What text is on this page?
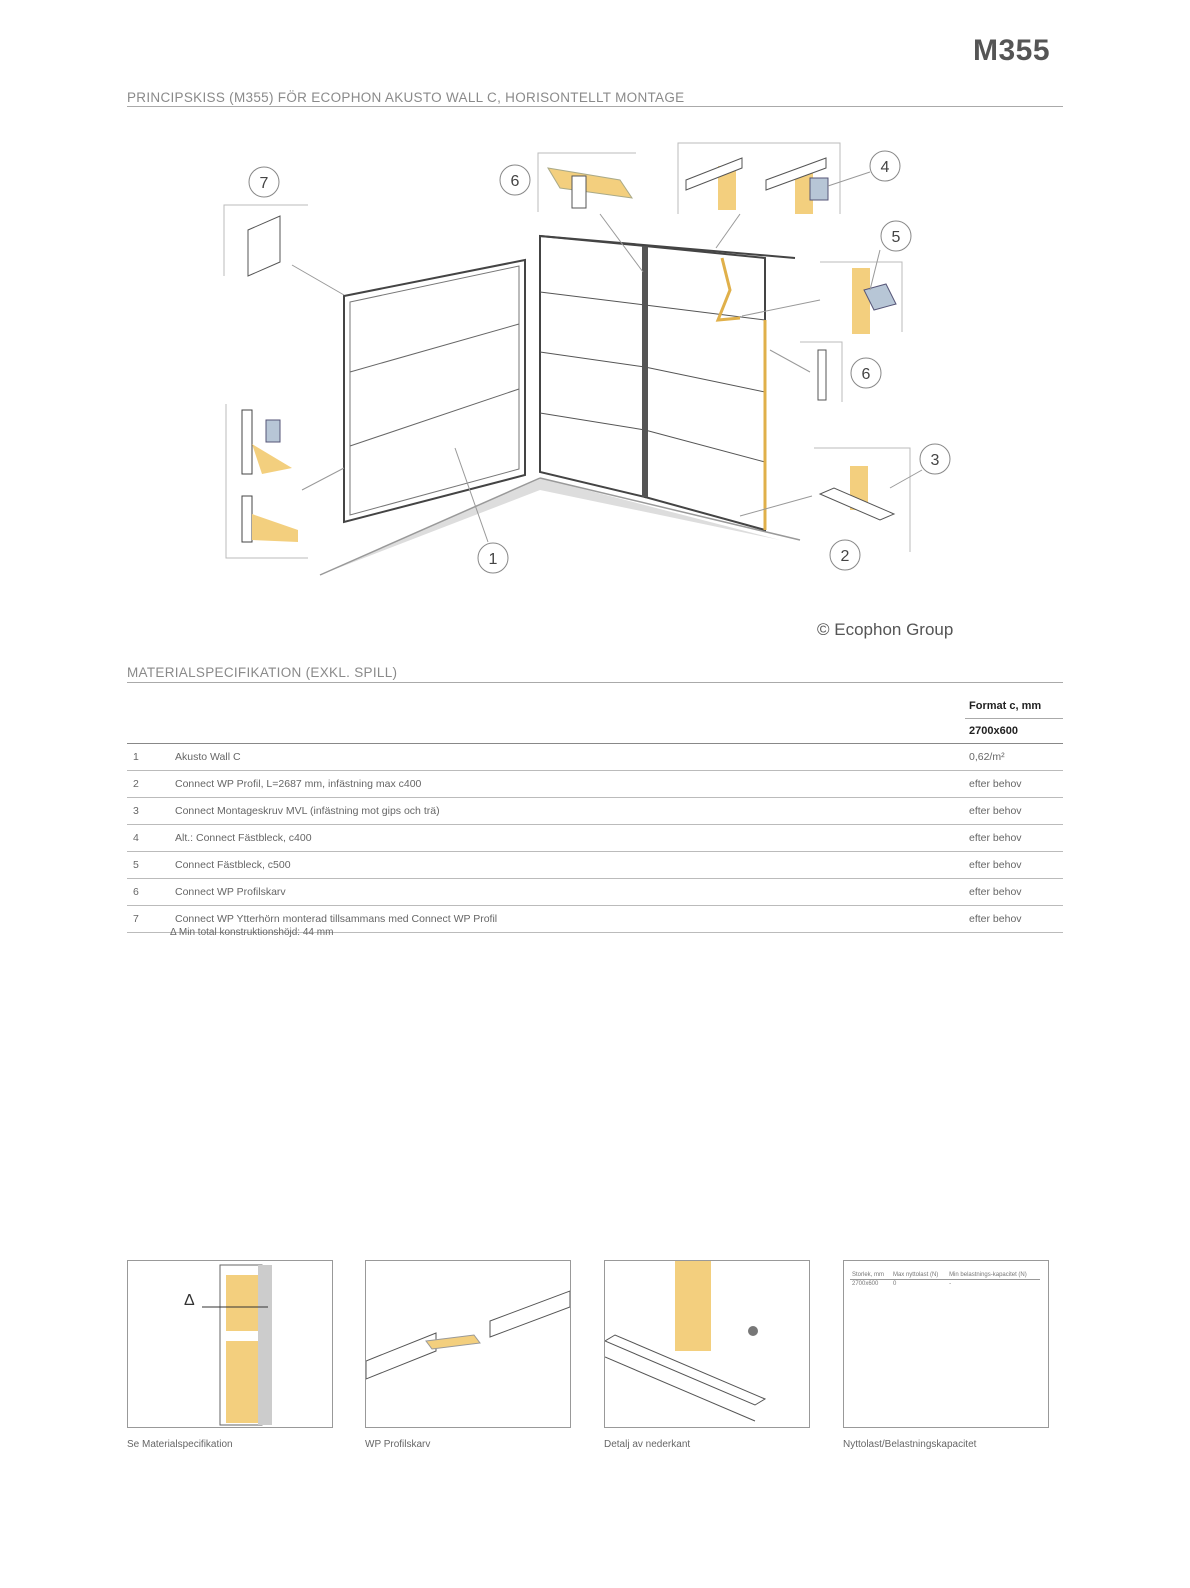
M355
PRINCIPSKISS (M355) FÖR ECOPHON AKUSTO WALL C, HORISONTELLT MONTAGE
7	6
4
5
6
3
2
1
© Ecophon Group
MATERIALSPECIFIKATION (EXKL. SPILL)
		Format c, mm
		2700x600
1	Akusto Wall C	0,62/m²
2	Connect WP Profil, L=2687 mm, infästning max c400	efter behov
3	Connect Montageskruv MVL (infästning mot gips och trä)	efter behov
4	Alt.: Connect Fästbleck, c400	efter behov
5	Connect Fästbleck, c500	efter behov
6	Connect WP Profilskarv	efter behov
7	Connect WP Ytterhörn monterad tillsammans med Connect WP Profil	efter behov
Δ Min total konstruktionshöjd: 44 mm
Δ
Storlek, mm	Max nyttolast (N)	Min belastnings-kapacitet (N)
2700x600	0	-
Se Materialspecifikation	WP Profilskarv	Detalj av nederkant	Nyttolast/Belastningskapacitet
